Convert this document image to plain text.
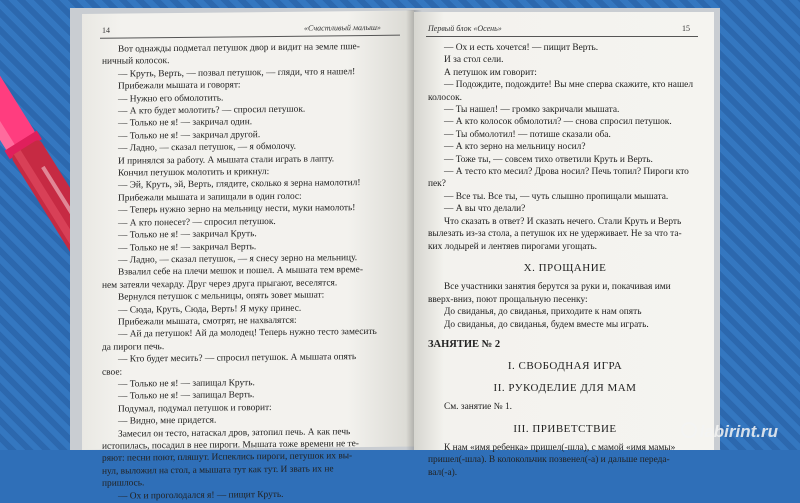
14	«Счастливый малыш»

Вот однажды подметал петушок двор и видит на земле пше-

ничный колосок.

— Круть, Верть, — позвал петушок, — гляди, что я нашел!

Прибежали мышата и говорят:

— Нужно его обмолотить.

— А кто будет молотить? — спросил петушок.

— Только не я! — закричал один.

— Только не я! — закричал другой.

— Ладно, — сказал петушок, — я обмолочу.

И принялся за работу. А мышата стали играть в лапту.

Кончил петушок молотить и крикнул:

— Эй, Круть, эй, Верть, глядите, сколько я зерна намолотил!

Прибежали мышата и запищали в один голос:

— Теперь нужно зерно на мельницу нести, муки намолоть!

— А кто понесет? — спросил петушок.

— Только не я! — закричал Круть.

— Только не я! — закричал Верть.

— Ладно, — сказал петушок, — я снесу зерно на мельницу.

Взвалил себе на плечи мешок и пошел. А мышата тем време-

нем затеяли чехарду. Друг через друга прыгают, веселятся.

Вернулся петушок с мельницы, опять зовет мышат:

— Сюда, Круть, Сюда, Верть! Я муку принес.

Прибежали мышата, смотрят, не нахвалятся:

— Ай да петушок! Ай да молодец! Теперь нужно тесто замесить

да пироги печь.

— Кто будет месить? — спросил петушок. А мышата опять

свое:

— Только не я! — запищал Круть.

— Только не я! — запищал Верть.

Подумал, подумал петушок и говорит:

— Видно, мне придется.

Замесил он тесто, натаскал дров, затопил печь. А как печь

истопилась, посадил в нее пироги. Мышата тоже времени не те-

ряют: песни поют, пляшут. Испеклись пироги, петушок их вы-

нул, выложил на стол, а мышата тут как тут. И звать их не

пришлось.

— Ох и проголодался я! — пищит Круть.

Первый блок «Осень»	15

— Ох и есть хочется! — пищит Верть.

И за стол сели.

А петушок им говорит:

— Подождите, подождите! Вы мне сперва скажите, кто нашел

колосок.

— Ты нашел! — громко закричали мышата.

— А кто колосок обмолотил? — снова спросил петушок.

— Ты обмолотил! — потише сказали оба.

— А кто зерно на мельницу носил?

— Тоже ты, — совсем тихо ответили Круть и Верть.

— А тесто кто месил? Дрова носил? Печь топил? Пироги кто

пек?

— Все ты. Все ты, — чуть слышно пропищали мышата.

— А вы что делали?

Что сказать в ответ? И сказать нечего. Стали Круть и Верть

вылезать из-за стола, а петушок их не удерживает. Не за что та-

ких лодырей и лентяев пирогами угощать.

X. ПРОЩАНИЕ

Все участники занятия берутся за руки и, покачивая ими

вверх-вниз, поют прощальную песенку:

До свиданья, до свиданья, приходите к нам опять

До свиданья, до свиданья, будем вместе мы играть.

ЗАНЯТИЕ № 2

I. СВОБОДНАЯ ИГРА

II. РУКОДЕЛИЕ ДЛЯ МАМ

См. занятие № 1.

III. ПРИВЕТСТВИЕ

К нам «имя ребенка» пришел(-шла), с мамой «имя мамы»

пришел(-шла). В колокольчик позвенел(-а) и дальше переда-

вал(-а).

labirint.ru
